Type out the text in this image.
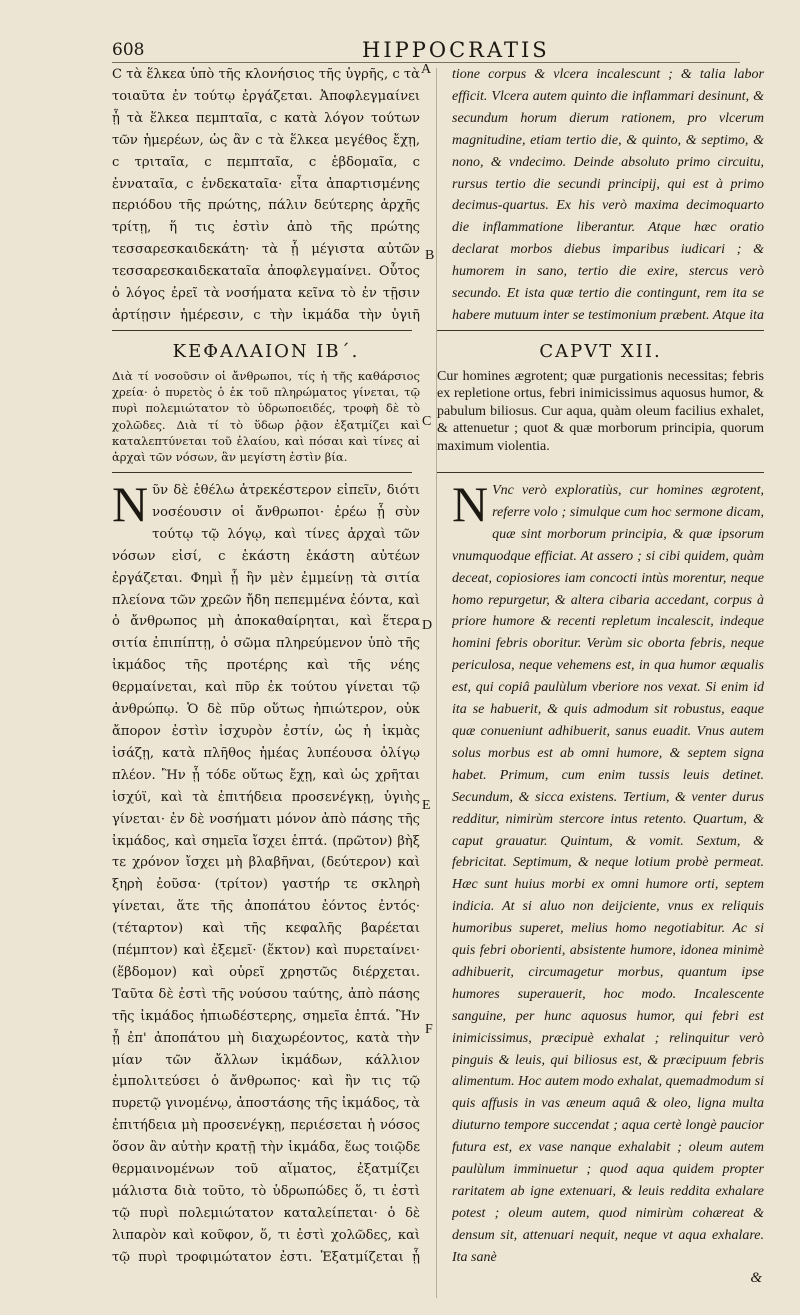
608	HIPPOCRATIS
A
B
C
D
E
F

Ϲ τὰ ἕλκεα ὑπὸ τῆς κλονήσιος τῆς ὑγρῆς, ϲ τὰ τοιαῦτα ἐν τούτῳ ἐργάζεται. Ἀποφλεγμαίνει ᾗ τὰ ἕλκεα πεμπταῖα, ϲ κατὰ λόγον τούτων τῶν ἡμερέων, ὡς ἂν ϲ τὰ ἕλκεα μεγέθος ἔχῃ, ϲ τριταῖα, ϲ πεμπταῖα, ϲ ἑβδομαῖα, ϲ ἐνναταῖα, ϲ ἑνδεκαταῖα· εἶτα ἀπαρτισμένης περιόδου τῆς πρώτης, πάλιν δεύτερης ἀρχῆς τρίτῃ, ἥ τις ἐστὶν ἀπὸ τῆς πρώτης τεσσαρεσκαιδεκάτη· τὰ ᾗ μέγιστα αὐτῶν τεσσαρεσκαιδεκαταῖα ἀποφλεγμαίνει. Οὗτος ὁ λόγος ἐρεῖ τὰ νοσήματα κεῖνα τὸ ἐν τῇσιν ἀρτίῃσιν ἡμέρεσιν, ϲ τὴν ἰκμάδα τὴν ὑγιῆ

tione corpus & vlcera incalescunt ; & talia labor efficit. Vlcera autem quinto die inflammari desinunt, & secundum horum dierum rationem, pro vlcerum magnitudine, etiam tertio die, & quinto, & septimo, & nono, & vndecimo. Deinde absoluto primo circuitu, rursus tertio die secundi principij, qui est à primo decimus-quartus. Ex his verò maxima decimoquarto die inflammatione liberantur. Atque hæc oratio declarat morbos diebus imparibus iudicari ; & humorem in sano, tertio die exire, stercus verò secundo. Et ista quæ tertio die contingunt, rem ita se habere mutuum inter se testimonium præbent. Atque ita

ΚΕΦΑΛΑΙΟΝ ΙΒ΄.	CAPVT XII.
Διὰ τί νοσοῦσιν οἱ ἄνθρωποι, τίς ἡ τῆς καθάρσιος χρεία· ὁ πυρετὸς ὁ ἐκ τοῦ πληρώματος γίνεται, τῷ πυρὶ πολεμιώτατον τὸ ὑδρωποειδές, τροφὴ δὲ τὸ χολῶδες. Διὰ τί τὸ ὕδωρ ῥᾷον ἐξατμίζει καὶ καταλεπτύνεται τοῦ ἐλαίου, καὶ πόσαι καὶ τίνες αἱ ἀρχαὶ τῶν νόσων, ἃν μεγίστη ἐστὶν βία.
Cur homines ægrotent; quæ purgationis necessitas; febris ex repletione ortus, febri inimicissimus aquosus humor, & pabulum biliosus. Cur aqua, quàm oleum facilius exhalet, & attenuetur ; quot & quæ morborum principia, quorum maximum violentia.

Νῦν δὲ ἐθέλω ἀτρεκέστερον εἰπεῖν, διότι νοσέουσιν οἱ ἄνθρωποι· ἐρέω ᾗ σὺν τούτῳ τῷ λόγῳ, καὶ τίνες ἀρχαὶ τῶν νόσων εἰσί, ϲ ἑκάστη ἑκάστη αὐτέων ἐργάζεται. Φημὶ ᾗ ἢν μὲν ἐμμείνῃ τὰ σιτία πλείονα τῶν χρεῶν ἤδη πεπεμμένα ἐόντα, καὶ ὁ ἄνθρωπος μὴ ἀποκαθαίρηται, καὶ ἕτερα σιτία ἐπιπίπτῃ, ὁ σῶμα πληρεύμενον ὑπὸ τῆς ἰκμάδος τῆς προτέρης καὶ τῆς νέης θερμαίνεται, καὶ πῦρ ἐκ τούτου γίνεται τῷ ἀνθρώπῳ. Ὁ δὲ πῦρ οὕτως ἠπιώτερον, οὐκ ἄπορον ἐστὶν ἰσχυρὸν ἐστίν, ὡς ἡ ἰκμὰς ἰσάζῃ, κατὰ πλῆθος ἡμέας λυπέουσα ὀλίγῳ πλέον. Ἢν ᾗ τόδε οὕτως ἔχῃ, καὶ ὡς χρῆται ἰσχύϊ, καὶ τὰ ἐπιτήδεια προσενέγκῃ, ὑγιὴς γίνεται· ἐν δὲ νοσήματι μόνον ἀπὸ πάσης τῆς ἰκμάδος, καὶ σημεῖα ἴσχει ἑπτά. (πρῶτον) βὴξ τε χρόνον ἴσχει μὴ βλαβῆναι, (δεύτερον) καὶ ξηρὴ ἐοῦσα· (τρίτον) γαστήρ τε σκληρὴ γίνεται, ἅτε τῆς ἀποπάτου ἐόντος ἐντός· (τέταρτον) καὶ τῆς κεφαλῆς βαρέεται (πέμπτον) καὶ ἐξεμεῖ· (ἕκτον) καὶ πυρεταίνει· (ἕβδομον) καὶ οὐρεῖ χρηστῶς διέρχεται. Ταῦτα δὲ ἐστὶ τῆς νούσου ταύτης, ἀπὸ πάσης τῆς ἰκμάδος ἠπιωδέστερης, σημεῖα ἑπτά. Ἢν ᾗ ἐπ' ἀποπάτου μὴ διαχωρέοντος, κατὰ τὴν μίαν τῶν ἄλλων ἰκμάδων, κάλλιον ἐμπολιτεύσει ὁ ἄνθρωπος· καὶ ἢν τις τῷ πυρετῷ γινομένῳ, ἀποστάσης τῆς ἰκμάδος, τὰ ἐπιτήδεια μὴ προσενέγκῃ, περιέσεται ἡ νόσος ὅσον ἂν αὐτὴν κρατῇ τὴν ἰκμάδα, ἕως τοιῷδε θερμαινομένων τοῦ αἵματος, ἐξατμίζει μάλιστα διὰ τοῦτο, τὸ ὑδρωπώδες ὅ, τι ἐστὶ τῷ πυρὶ πολεμιώτατον καταλείπεται· ὁ δὲ λιπαρὸν καὶ κοῦφον, ὅ, τι ἐστὶ χολῶδες, καὶ τῷ πυρὶ τροφιμώτατον ἐστι. Ἐξατμίζεται ᾗ

N Vnc verò exploratiùs, cur homines ægrotent, referre volo ; simulque cum hoc sermone dicam, quæ sint morborum principia, & quæ ipsorum vnumquodque efficiat. At assero ; si cibi quidem, quàm deceat, copiosiores iam concocti intùs morentur, neque homo repurgetur, & altera cibaria accedant, corpus à priore humore & recenti repletum incalescit, indeque homini febris oboritur. Verùm sic oborta febris, neque periculosa, neque vehemens est, in qua humor æqualis est, qui copiâ paulùlum vberiore nos vexat. Si enim id ita se habuerit, & quis admodum sit robustus, eaque quæ conueniunt adhibuerit, sanus euadit. Vnus autem solus morbus est ab omni humore, & septem signa habet. Primum, cum enim tussis leuis detinet. Secundum, & sicca existens. Tertium, & venter durus redditur, nimirùm stercore intus retento. Quartum, & caput grauatur. Quintum, & vomit. Sextum, & febricitat. Septimum, & neque lotium probè permeat. Hæc sunt huius morbi ex omni humore orti, septem indicia. At si aluo non deijciente, vnus ex reliquis humoribus superet, melius homo negotiabitur. Ac si quis febri oborienti, absistente humore, idonea minimè adhibuerit, circumagetur morbus, quantum ipse humores superauerit, hoc modo. Incalescente sanguine, per hunc aquosus humor, qui febri est inimicissimus, præcipuè exhalat ; relinquitur verò pinguis & leuis, qui biliosus est, & præcipuum febris alimentum. Hoc autem modo exhalat, quemadmodum si quis affusis in vas æneum aquâ & oleo, ligna multa diuturno tempore succendat ; aqua certè longè paucior futura est, ex vase nanque exhalabit ; oleum autem paulùlum imminuetur ; quod aqua quidem propter raritatem ab igne extenuari, & leuis reddita exhalare potest ; oleum autem, quod nimirùm cohæreat & densum sit, attenuari nequit, neque vt aqua exhalare. Ita sanè

&
